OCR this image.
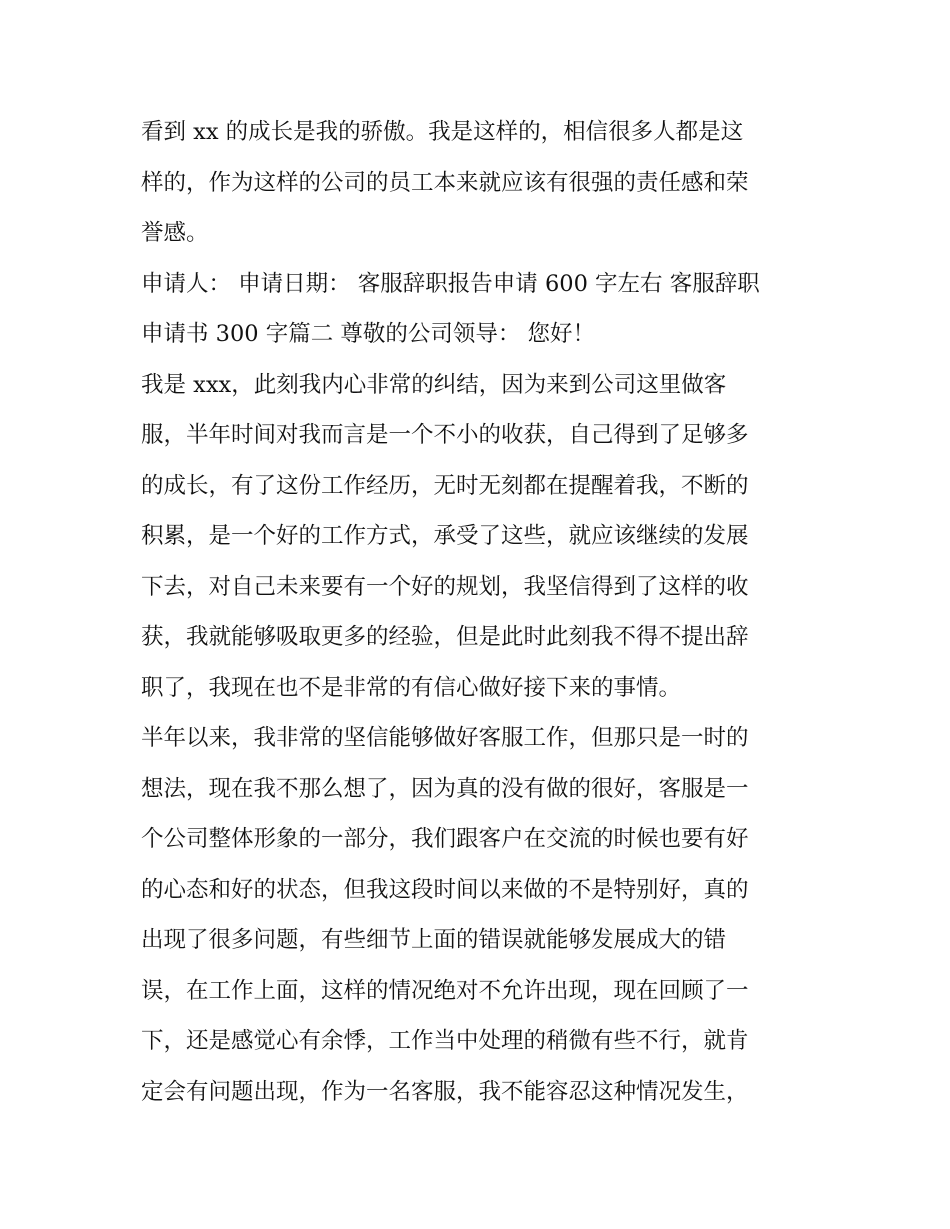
看到 xx 的成长是我的骄傲。我是这样的，相信很多人都是这
样的，作为这样的公司的员工本来就应该有很强的责任感和荣
誉感。
申请人： 申请日期： 客服辞职报告申请 600 字左右 客服辞职
申请书 300 字篇二 尊敬的公司领导： 您好！
我是 xxx，此刻我内心非常的纠结，因为来到公司这里做客
服，半年时间对我而言是一个不小的收获，自己得到了足够多
的成长，有了这份工作经历，无时无刻都在提醒着我，不断的
积累，是一个好的工作方式，承受了这些，就应该继续的发展
下去，对自己未来要有一个好的规划，我坚信得到了这样的收
获，我就能够吸取更多的经验，但是此时此刻我不得不提出辞
职了，我现在也不是非常的有信心做好接下来的事情。
半年以来，我非常的坚信能够做好客服工作，但那只是一时的
想法，现在我不那么想了，因为真的没有做的很好，客服是一
个公司整体形象的一部分，我们跟客户在交流的时候也要有好
的心态和好的状态，但我这段时间以来做的不是特别好，真的
出现了很多问题，有些细节上面的错误就能够发展成大的错
误，在工作上面，这样的情况绝对不允许出现，现在回顾了一
下，还是感觉心有余悸，工作当中处理的稍微有些不行，就肯
定会有问题出现，作为一名客服，我不能容忍这种情况发生，
